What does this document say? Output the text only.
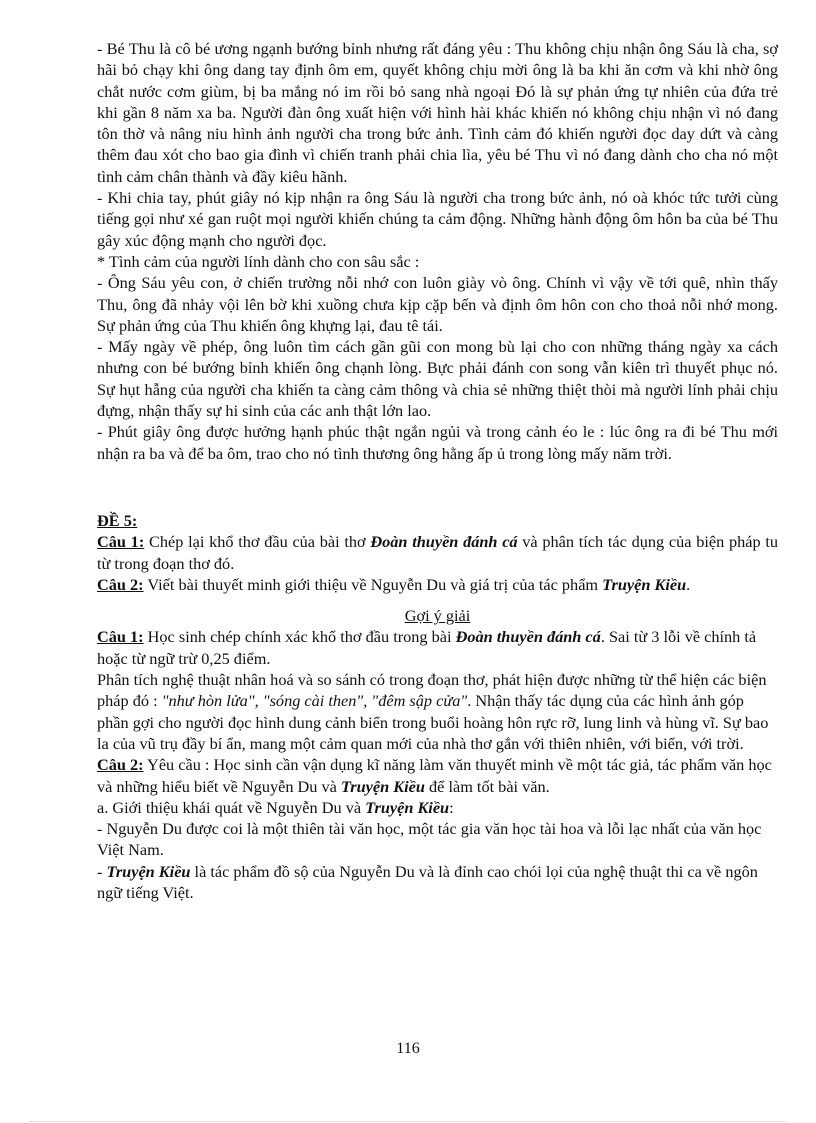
- Bé Thu là cô bé ương ngạnh bướng bỉnh nhưng rất đáng yêu : Thu không chịu nhận ông Sáu là cha, sợ hãi bỏ chạy khi ông dang tay định ôm em, quyết không chịu mời ông là ba khi ăn cơm và khi nhờ ông chắt nước cơm giùm, bị ba mắng nó im rồi bỏ sang nhà ngoại Đó là sự phản ứng tự nhiên của đứa trẻ khi gần 8 năm xa ba. Người đàn ông xuất hiện với hình hài khác khiến nó không chịu nhận vì nó đang tôn thờ và nâng niu hình ảnh người cha trong bức ảnh. Tình cảm đó khiến người đọc day dứt và càng thêm đau xót cho bao gia đình vì chiến tranh phải chia lìa, yêu bé Thu vì nó đang dành cho cha nó một tình cảm chân thành và đầy kiêu hãnh.

- Khi chia tay, phút giây nó kịp nhận ra ông Sáu là người cha trong bức ảnh, nó oà khóc tức tưởi cùng tiếng gọi như xé gan ruột mọi người khiến chúng ta cảm động. Những hành động ôm hôn ba của bé Thu gây xúc động mạnh cho người đọc.

* Tình cảm của người lính dành cho con sâu sắc :

- Ông Sáu yêu con, ở chiến trường nỗi nhớ con luôn giày vò ông. Chính vì vậy về tới quê, nhìn thấy Thu, ông đã nhảy vội lên bờ khi xuồng chưa kịp cặp bến và định ôm hôn con cho thoả nỗi nhớ mong. Sự phản ứng của Thu khiến ông khựng lại, đau tê tái.

- Mấy ngày về phép, ông luôn tìm cách gần gũi con mong bù lại cho con những tháng ngày xa cách nhưng con bé bướng bỉnh khiến ông chạnh lòng. Bực phải đánh con song vẫn kiên trì thuyết phục nó. Sự hụt hẫng của người cha khiến ta càng cảm thông và chia sẻ những thiệt thòi mà người lính phải chịu đựng, nhận thấy sự hi sinh của các anh thật lớn lao.

- Phút giây ông được hưởng hạnh phúc thật ngắn ngủi và trong cảnh éo le : lúc ông ra đi bé Thu mới nhận ra ba và để ba ôm, trao cho nó tình thương ông hằng ấp ủ trong lòng mấy năm trời.

ĐỀ 5:

Câu 1: Chép lại khổ thơ đầu của bài thơ Đoàn thuyền đánh cá và phân tích tác dụng của biện pháp tu từ trong đoạn thơ đó.

Câu 2: Viết bài thuyết minh giới thiệu về Nguyễn Du và giá trị của tác phẩm Truyện Kiều.

Gợi ý giải

Câu 1: Học sinh chép chính xác khổ thơ đầu trong bài Đoàn thuyền đánh cá. Sai từ 3 lỗi về chính tả hoặc từ ngữ trừ 0,25 điểm.

Phân tích nghệ thuật nhân hoá và so sánh có trong đoạn thơ, phát hiện được những từ thể hiện các biện pháp đó : "như hòn lửa", "sóng cài then", "đêm sập cửa". Nhận thấy tác dụng của các hình ảnh góp phần gợi cho người đọc hình dung cảnh biển trong buổi hoàng hôn rực rỡ, lung linh và hùng vĩ. Sự bao la của vũ trụ đầy bí ẩn, mang một cảm quan mới của nhà thơ gắn với thiên nhiên, với biển, với trời.

Câu 2: Yêu cầu : Học sinh cần vận dụng kĩ năng làm văn thuyết minh về một tác giả, tác phẩm văn học và những hiểu biết về Nguyễn Du và Truyện Kiều để làm tốt bài văn.

a. Giới thiệu khái quát về Nguyễn Du và Truyện Kiều:

- Nguyễn Du được coi là một thiên tài văn học, một tác gia văn học tài hoa và lỗi lạc nhất của văn học Việt Nam.

- Truyện Kiều là tác phẩm đồ sộ của Nguyễn Du và là đỉnh cao chói lọi của nghệ thuật thi ca về ngôn ngữ tiếng Việt.

116
